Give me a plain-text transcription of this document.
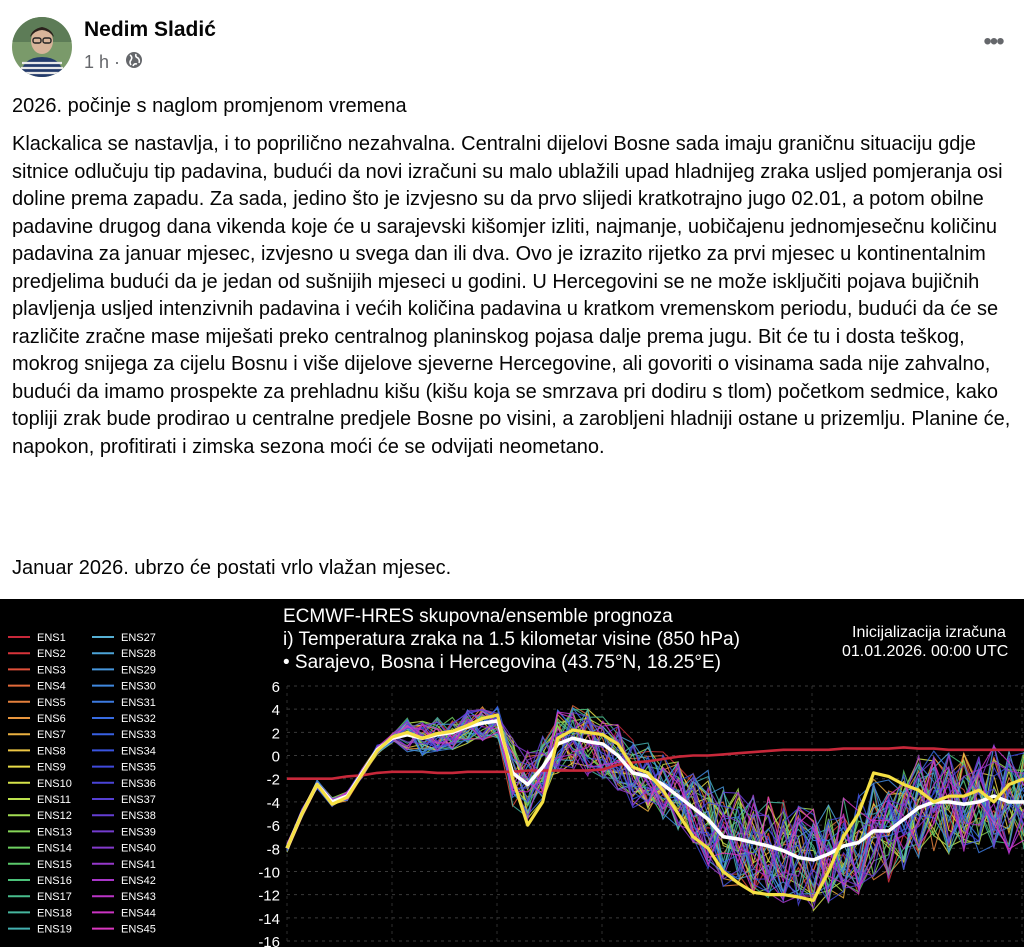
Nedim Sladić
1 h ·
•••
2026. počinje s naglom promjenom vremena
Klackalica se nastavlja, i to poprilično nezahvalna. Centralni dijelovi Bosne sada imaju graničnu situaciju gdje sitnice odlučuju tip padavina, budući da novi izračuni su malo ublažili upad hladnijeg zraka usljed pomjeranja osi doline prema zapadu. Za sada, jedino što je izvjesno su da prvo slijedi kratkotrajno jugo 02.01, a potom obilne padavine drugog dana vikenda koje će u sarajevski kišomjer izliti, najmanje, uobičajenu jednomjesečnu količinu padavina za januar mjesec, izvjesno u svega dan ili dva. Ovo je izrazito rijetko za prvi mjesec u kontinentalnim predjelima budući da je jedan od sušnijih mjeseci u godini. U Hercegovini se ne može isključiti pojava bujičnih plavljenja usljed intenzivnih padavina i većih količina padavina u kratkom vremenskom periodu, budući da će se različite zračne mase miješati preko centralnog planinskog pojasa dalje prema jugu. Bit će tu i dosta teškog, mokrog snijega za cijelu Bosnu i više dijelove sjeverne Hercegovine, ali govoriti o visinama sada nije zahvalno, budući da imamo prospekte za prehladnu kišu (kišu koja se smrzava pri dodiru s tlom) početkom sedmice, kako topliji zrak bude prodirao u centralne predjele Bosne po visini, a zarobljeni hladniji ostane u prizemlju. Planine će, napokon, profitirati i zimska sezona moći će se odvijati neometano.
Januar 2026. ubrzo će postati vrlo vlažan mjesec.
ECMWF-HRES skupovna/ensemble prognoza
i) Temperatura zraka na 1.5 kilometar visine (850 hPa)
• Sarajevo, Bosna i Hercegovina (43.75°N, 18.25°E)
Inicijalizacija izračuna
01.01.2026. 00:00 UTC
6
4
2
0
-2
-4
-6
-8
-10
-12
-14
-16
ENS1
ENS2
ENS3
ENS4
ENS5
ENS6
ENS7
ENS8
ENS9
ENS10
ENS11
ENS12
ENS13
ENS14
ENS15
ENS16
ENS17
ENS18
ENS19
ENS27
ENS28
ENS29
ENS30
ENS31
ENS32
ENS33
ENS34
ENS35
ENS36
ENS37
ENS38
ENS39
ENS40
ENS41
ENS42
ENS43
ENS44
ENS45
